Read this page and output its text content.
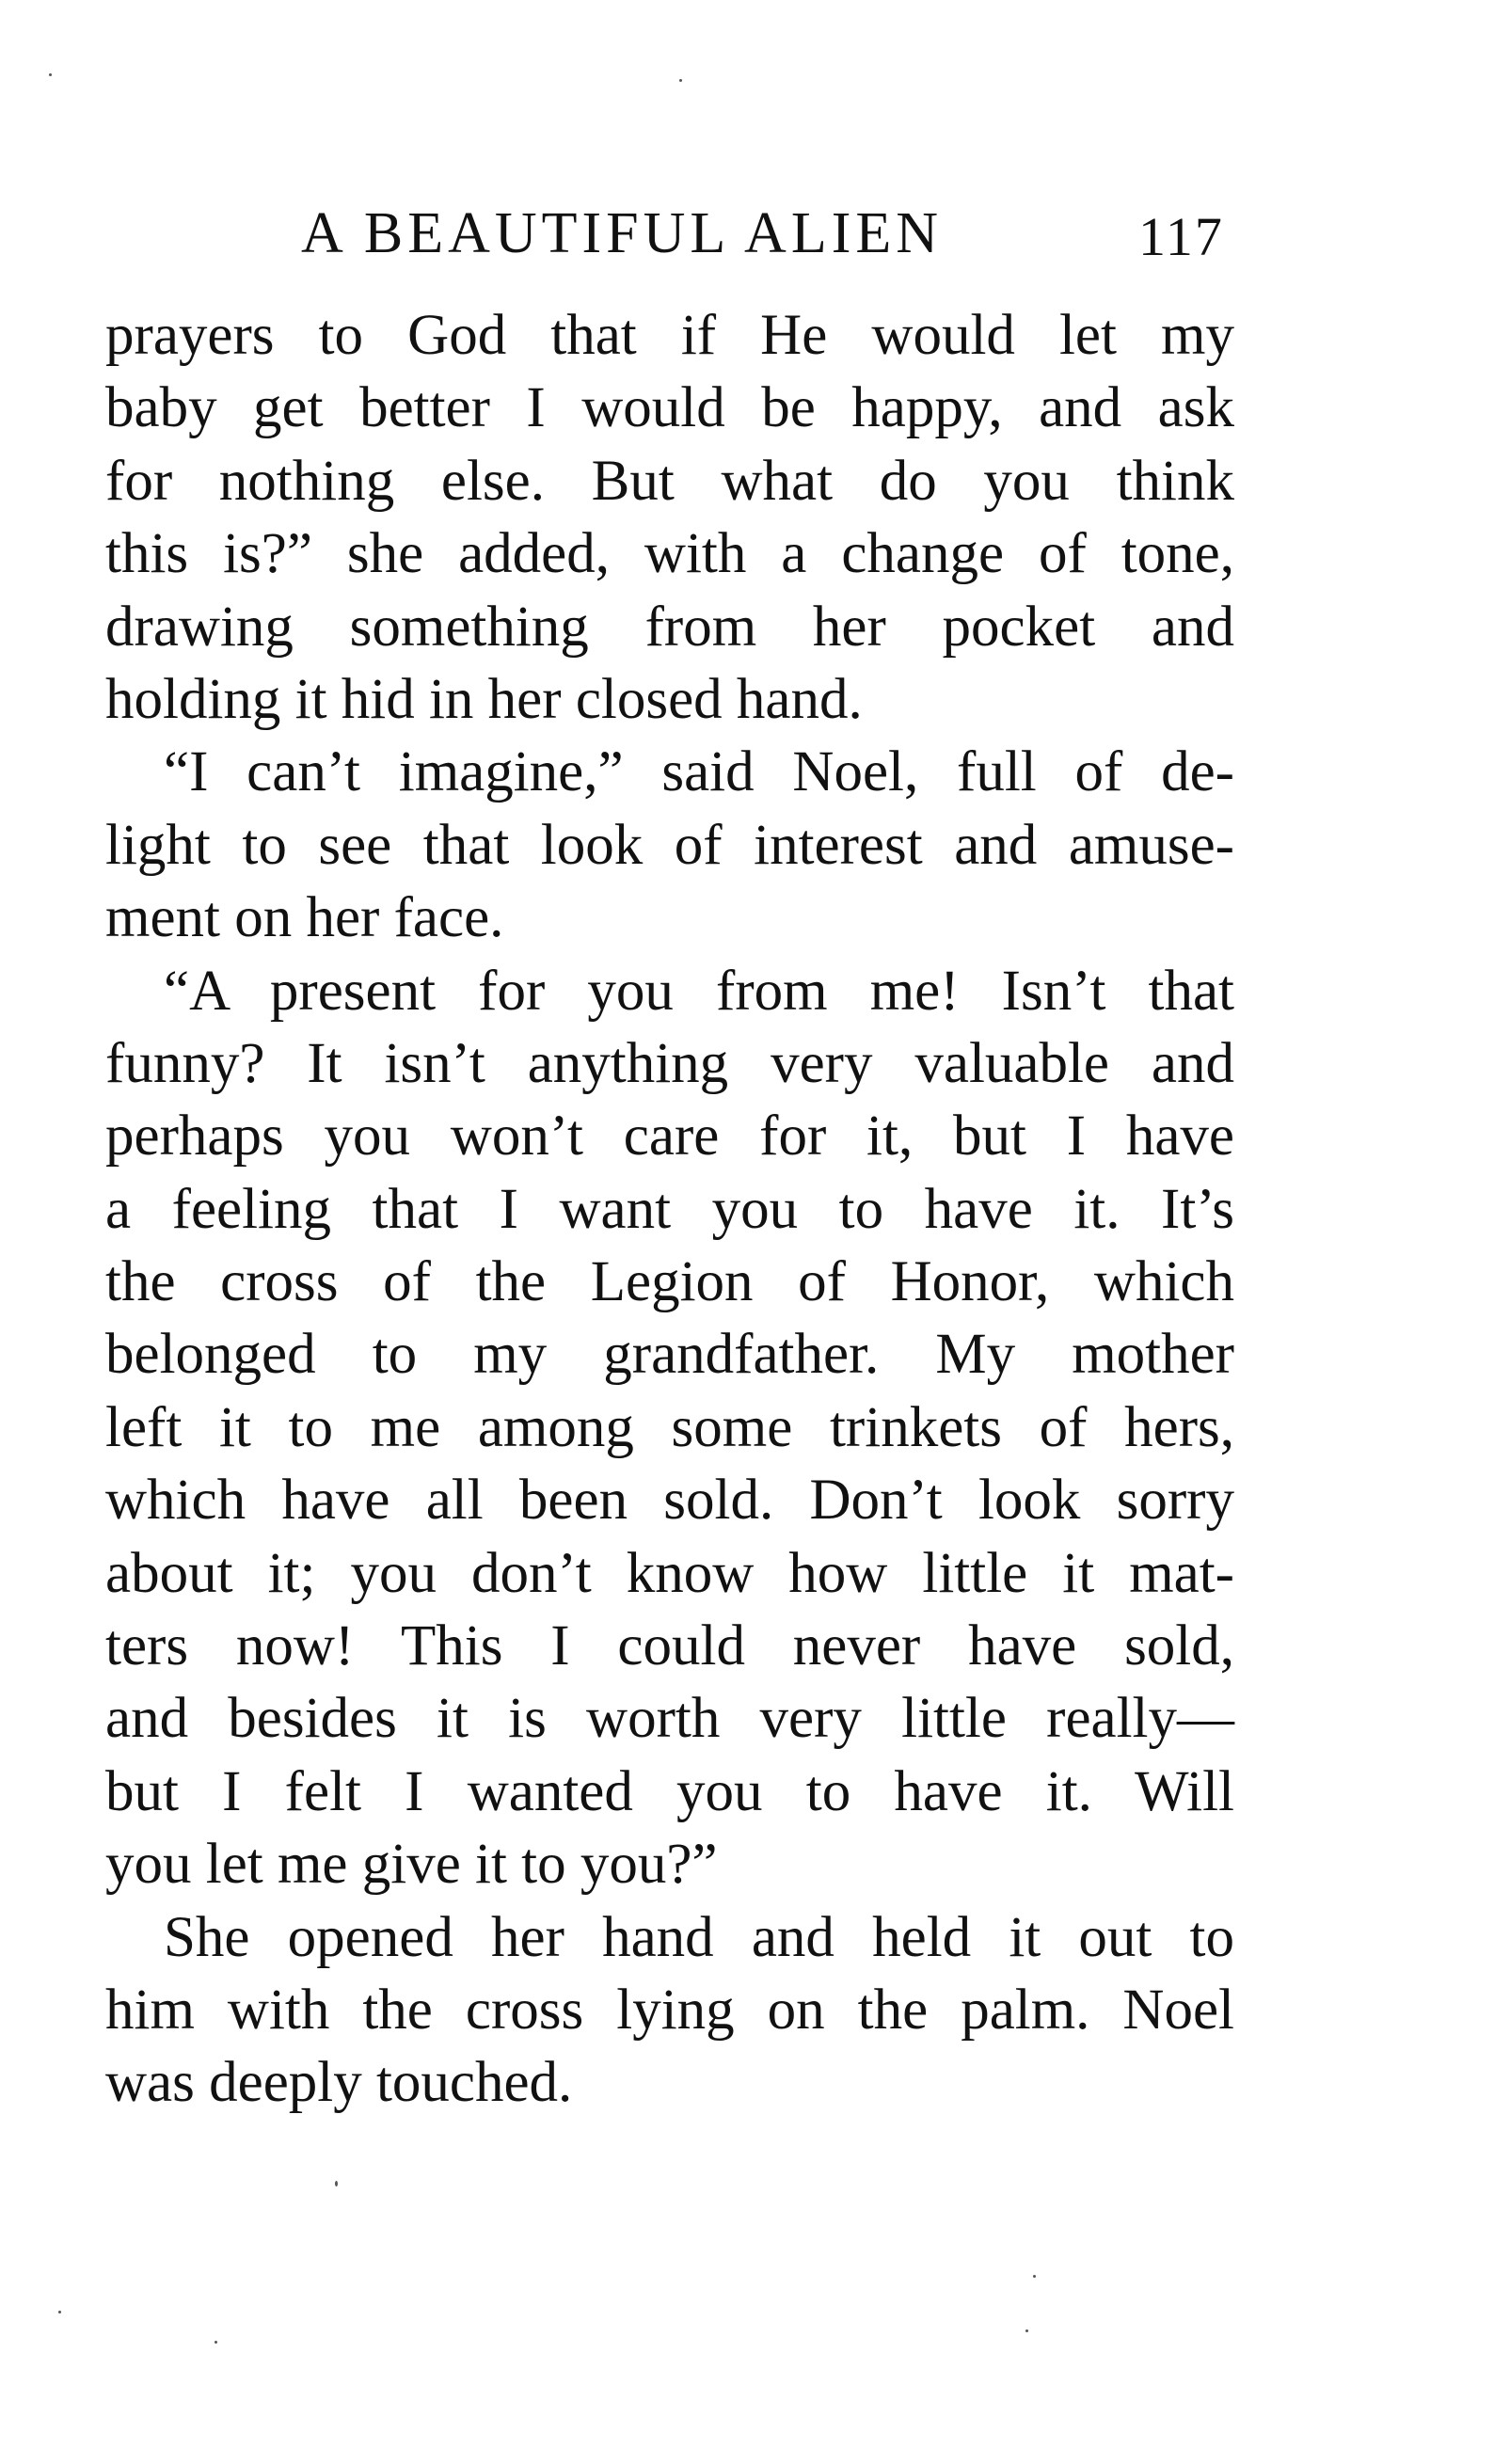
A BEAUTIFUL ALIEN	117
prayers to God that if He would let my
baby get better I would be happy, and ask
for nothing else. But what do you think
this is?” she added, with a change of tone,
drawing something from her pocket and
holding it hid in her closed hand.
“I can’t imagine,” said Noel, full of de-
light to see that look of interest and amuse-
ment on her face.
“A present for you from me! Isn’t that
funny? It isn’t anything very valuable and
perhaps you won’t care for it, but I have
a feeling that I want you to have it. It’s
the cross of the Legion of Honor, which
belonged to my grandfather. My mother
left it to me among some trinkets of hers,
which have all been sold. Don’t look sorry
about it; you don’t know how little it mat-
ters now! This I could never have sold,
and besides it is worth very little really—
but I felt I wanted you to have it. Will
you let me give it to you?”
She opened her hand and held it out to
him with the cross lying on the palm. Noel
was deeply touched.
